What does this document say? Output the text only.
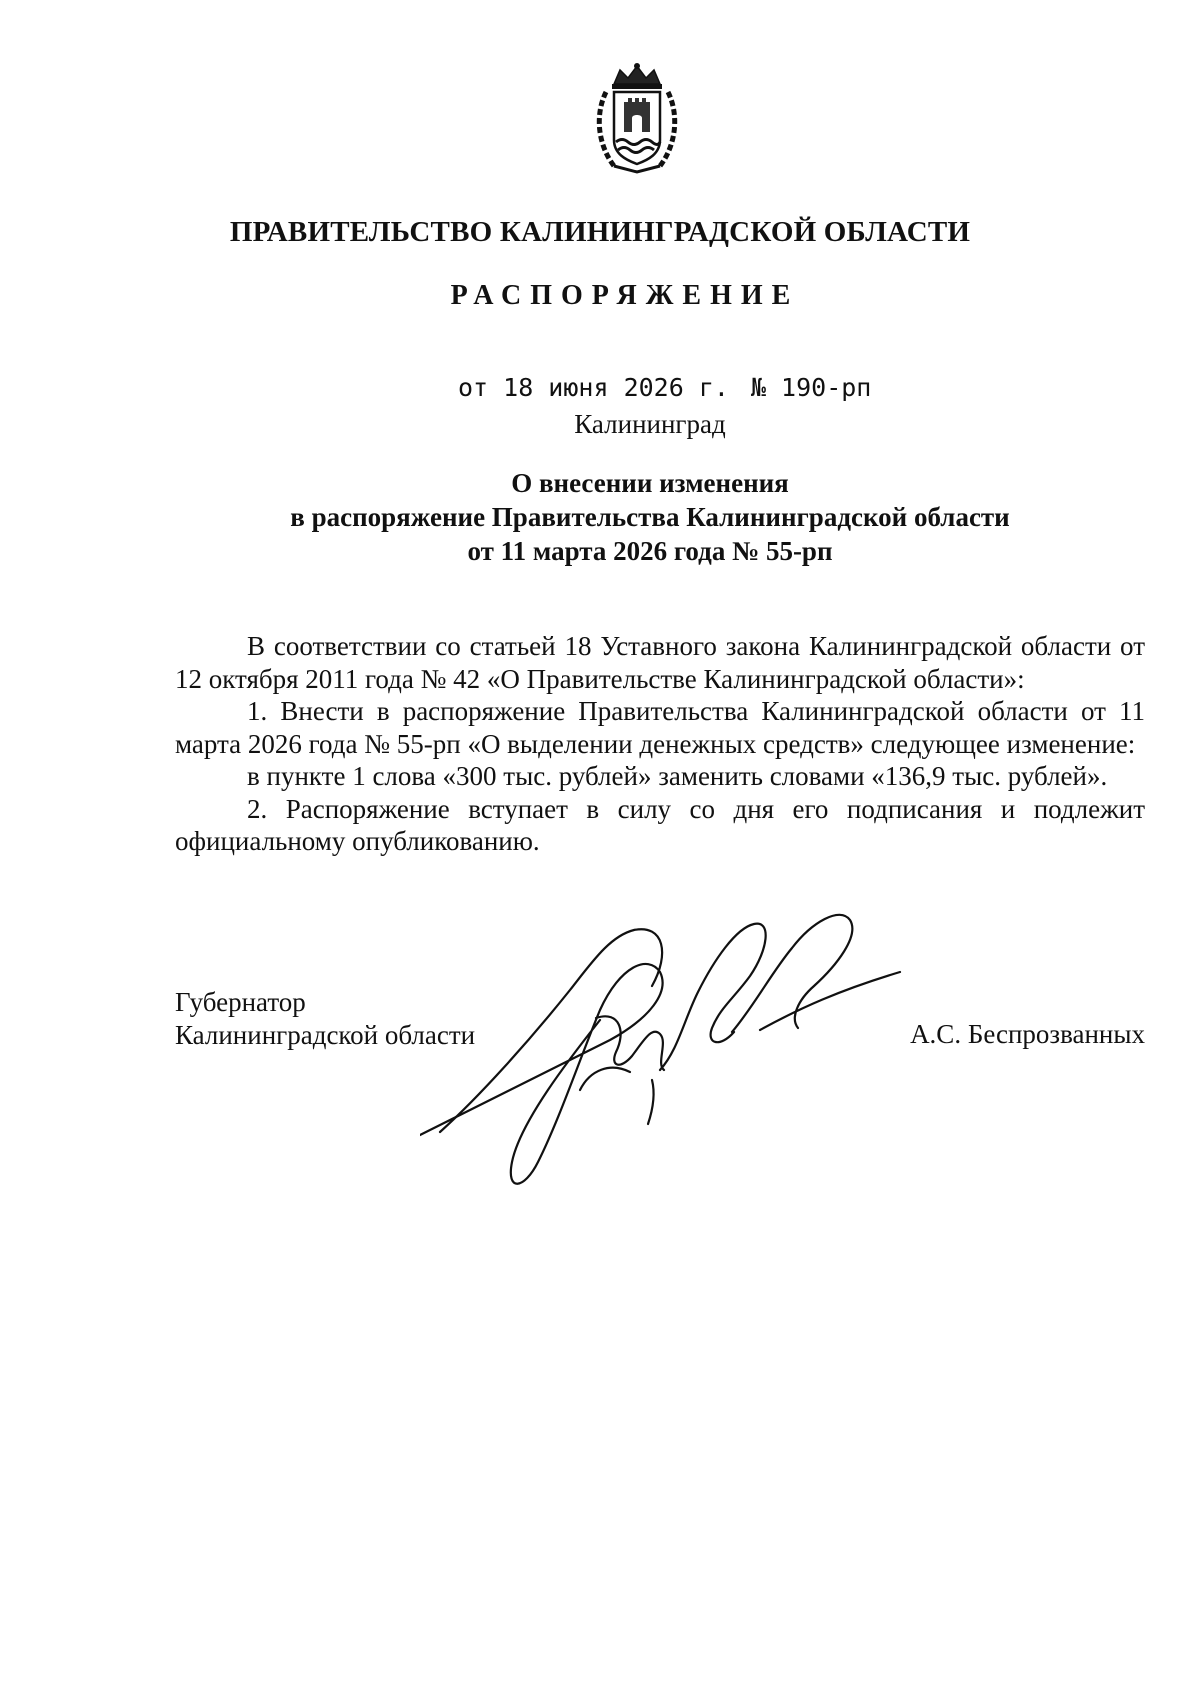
ПРАВИТЕЛЬСТВО КАЛИНИНГРАДСКОЙ ОБЛАСТИ
РАСПОРЯЖЕНИЕ
от 18 июня 2026 г. № 190-рп
Калининград
О внесении изменения
в распоряжение Правительства Калининградской области
от 11 марта 2026 года № 55-рп

В соответствии со статьей 18 Уставного закона Калининградской области от 12 октября 2011 года № 42 «О Правительстве Калининградской области»:

1. Внести в распоряжение Правительства Калининградской области от 11 марта 2026 года № 55-рп «О выделении денежных средств» следующее изменение:

в пункте 1 слова «300 тыс. рублей» заменить словами «136,9 тыс. рублей».

2. Распоряжение вступает в силу со дня его подписания и подлежит официальному опубликованию.

Губернатор
Калининградской области	А.С. Беспрозванных
